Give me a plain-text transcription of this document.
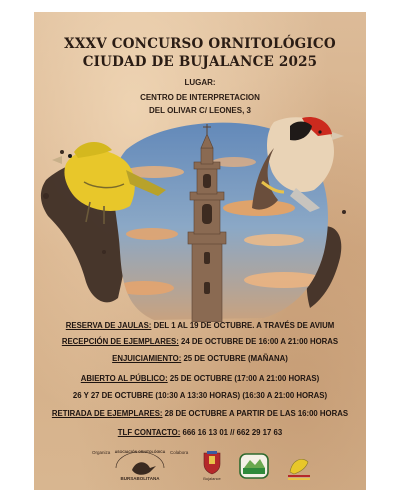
XXXV CONCURSO ORNITOLÓGICO
CIUDAD DE BUJALANCE 2025
LUGAR:
CENTRO DE INTERPRETACION
DEL OLIVAR C/ LEONES, 3
RESERVA DE JAULAS: DEL 1 AL 19 DE OCTUBRE. A TRAVÉS DE AVIUM
RECEPCIÓN DE EJEMPLARES: 24 DE OCTUBRE DE 16:00 A 21:00 HORAS
ENJUICIAMIENTO: 25 DE OCTUBRE (MAÑANA)
ABIERTO AL PÚBLICO: 25 DE OCTUBRE (17:00 A 21:00 HORAS)
26 Y 27 DE OCTUBRE (10:30 A 13:30 HORAS) (16:30 A 21:00 HORAS)
RETIRADA DE EJEMPLARES: 28 DE OCTUBRE A PARTIR DE LAS 16:00 HORAS
TLF CONTACTO: 666 16 13 01 // 662 29 17 63
Organiza	Colabora
ASOCIACIÓN ORNITOLÓGICA
BURSABOLITANA	Bujalance
